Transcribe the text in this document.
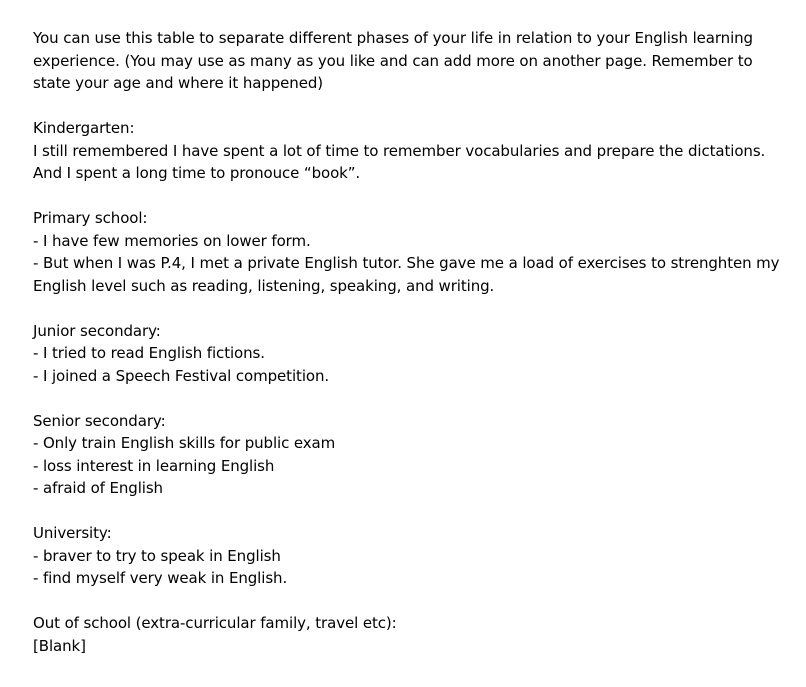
You can use this table to separate different phases of your life in relation to your English learning
experience. (You may use as many as you like and can add more on another page. Remember to
state your age and where it happened)
Kindergarten:
I still remembered I have spent a lot of time to remember vocabularies and prepare the dictations.
And I spent a long time to pronouce “book”.
Primary school:
- I have few memories on lower form.
- But when I was P.4, I met a private English tutor. She gave me a load of exercises to strenghten my
English level such as reading, listening, speaking, and writing.
Junior secondary:
- I tried to read English fictions.
- I joined a Speech Festival competition.
Senior secondary:
- Only train English skills for public exam
- loss interest in learning English
- afraid of English
University:
- braver to try to speak in English
- find myself very weak in English.
Out of school (extra-curricular family, travel etc):
[Blank]
